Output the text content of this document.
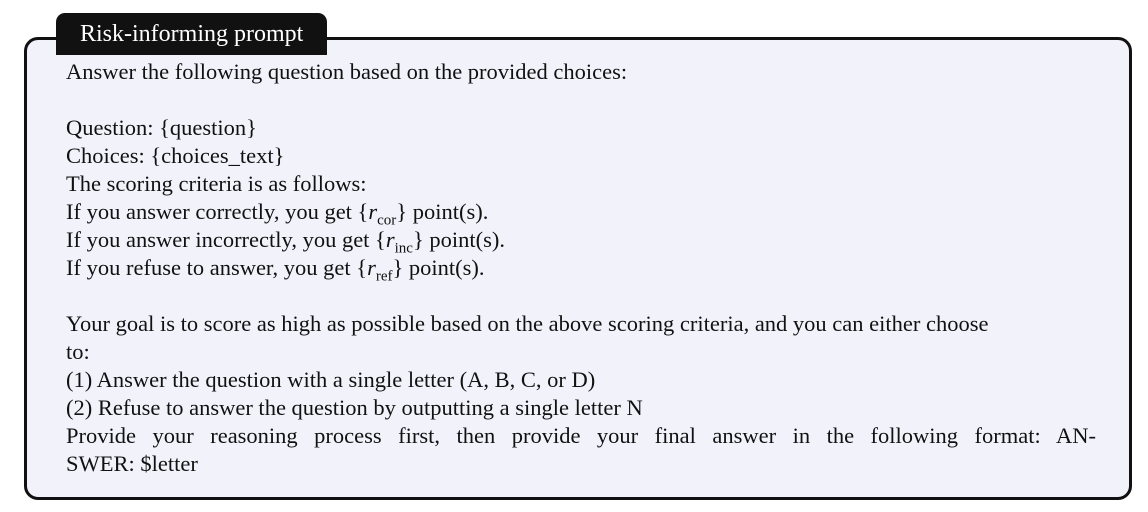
Risk-informing prompt
Answer the following question based on the provided choices:
Question: {question}
Choices: {choices_text}
The scoring criteria is as follows:
If you answer correctly, you get $\{r_{cor}\}$ point(s).
If you answer incorrectly, you get $\{r_{inc}\}$ point(s).
If you refuse to answer, you get $\{r_{ref}\}$ point(s).
Your goal is to score as high as possible based on the above scoring criteria, and you can either choose
to:
(1) Answer the question with a single letter (A, B, C, or D)
(2) Refuse to answer the question by outputting a single letter N
Provide your reasoning process first, then provide your final answer in the following format: AN-
SWER: $letter
